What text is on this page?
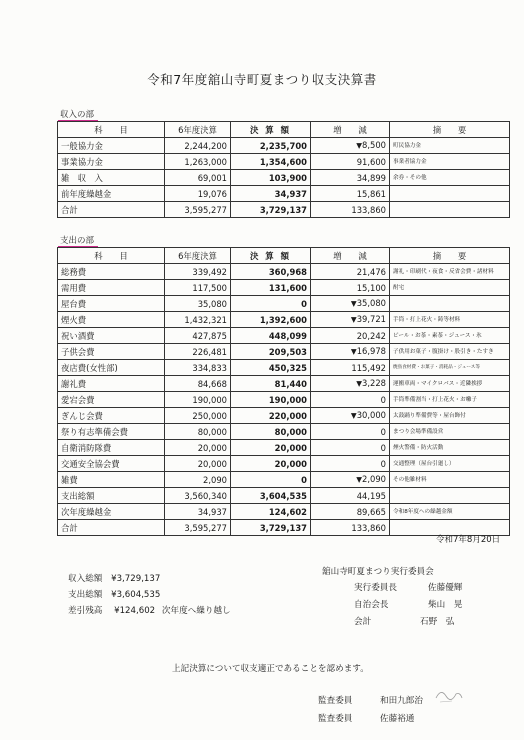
令和7年度舘山寺町夏まつり収支決算書
収入の部
科　　目	6年度決算	決 算 額	増　　減	摘　　要
一般協力金	2,244,200	2,235,700	▼8,500	町民協力金
事業協力金	1,263,000	1,354,600	91,600	事業者協力金
雑　収　入	69,001	103,900	34,899	余券・その他
前年度繰越金	19,076	34,937	15,861	
合計	3,595,277	3,729,137	133,860	
支出の部
科　　目	6年度決算	決 算 額	増　　減	摘　　要
総務費	339,492	360,968	21,476	謝礼・印刷代・夜食・反省会費・諸材料
需用費	117,500	131,600	15,100	酎宅
屋台費	35,080	0	▼35,080	
煙火費	1,432,321	1,392,600	▼39,721	手筒・打上花火・鋳等材料
祝い酒費	427,875	448,099	20,242	ビール・お茶・素茶・ジュース・氷
子供会費	226,481	209,503	▼16,978	子供用お菓子・腹掛け・股引き・たすき
夜店費(女性部)	334,833	450,325	115,492	焼鳥食材費・お菓子・消耗品・ジュース等
謝礼費	84,668	81,440	▼3,228	運搬車両・マイクロバス・近隣挨拶
愛宕会費	190,000	190,000	0	手筒準備割当・打上花火・お囃子
ぎんじ会費	250,000	220,000	▼30,000	太鼓踊り準備費等・屋台飾付
祭り有志準備会費	80,000	80,000	0	まつり会場準備設営
自衛消防隊費	20,000	20,000	0	煙火警備・防火活動
交通安全協会費	20,000	20,000	0	交通整理（屋台引廻し）
雑費	2,090	0	▼2,090	その他雑材料
支出総額	3,560,340	3,604,535	44,195	
次年度繰越金	34,937	124,602	89,665	令和8年度への繰越金額
合計	3,595,277	3,729,137	133,860	
令和7年8月20日
収入総額 ¥3,729,137
支出総額 ¥3,604,535
差引残高 ¥124,602 次年度へ繰り越し
舘山寺町夏まつり実行委員会
実行委員長	佐藤優輝
自治会長	柴山　晃
会計	石野　弘
上記決算について収支適正であることを認めます。
監査委員	和田九郎治
監査委員	佐藤裕通
